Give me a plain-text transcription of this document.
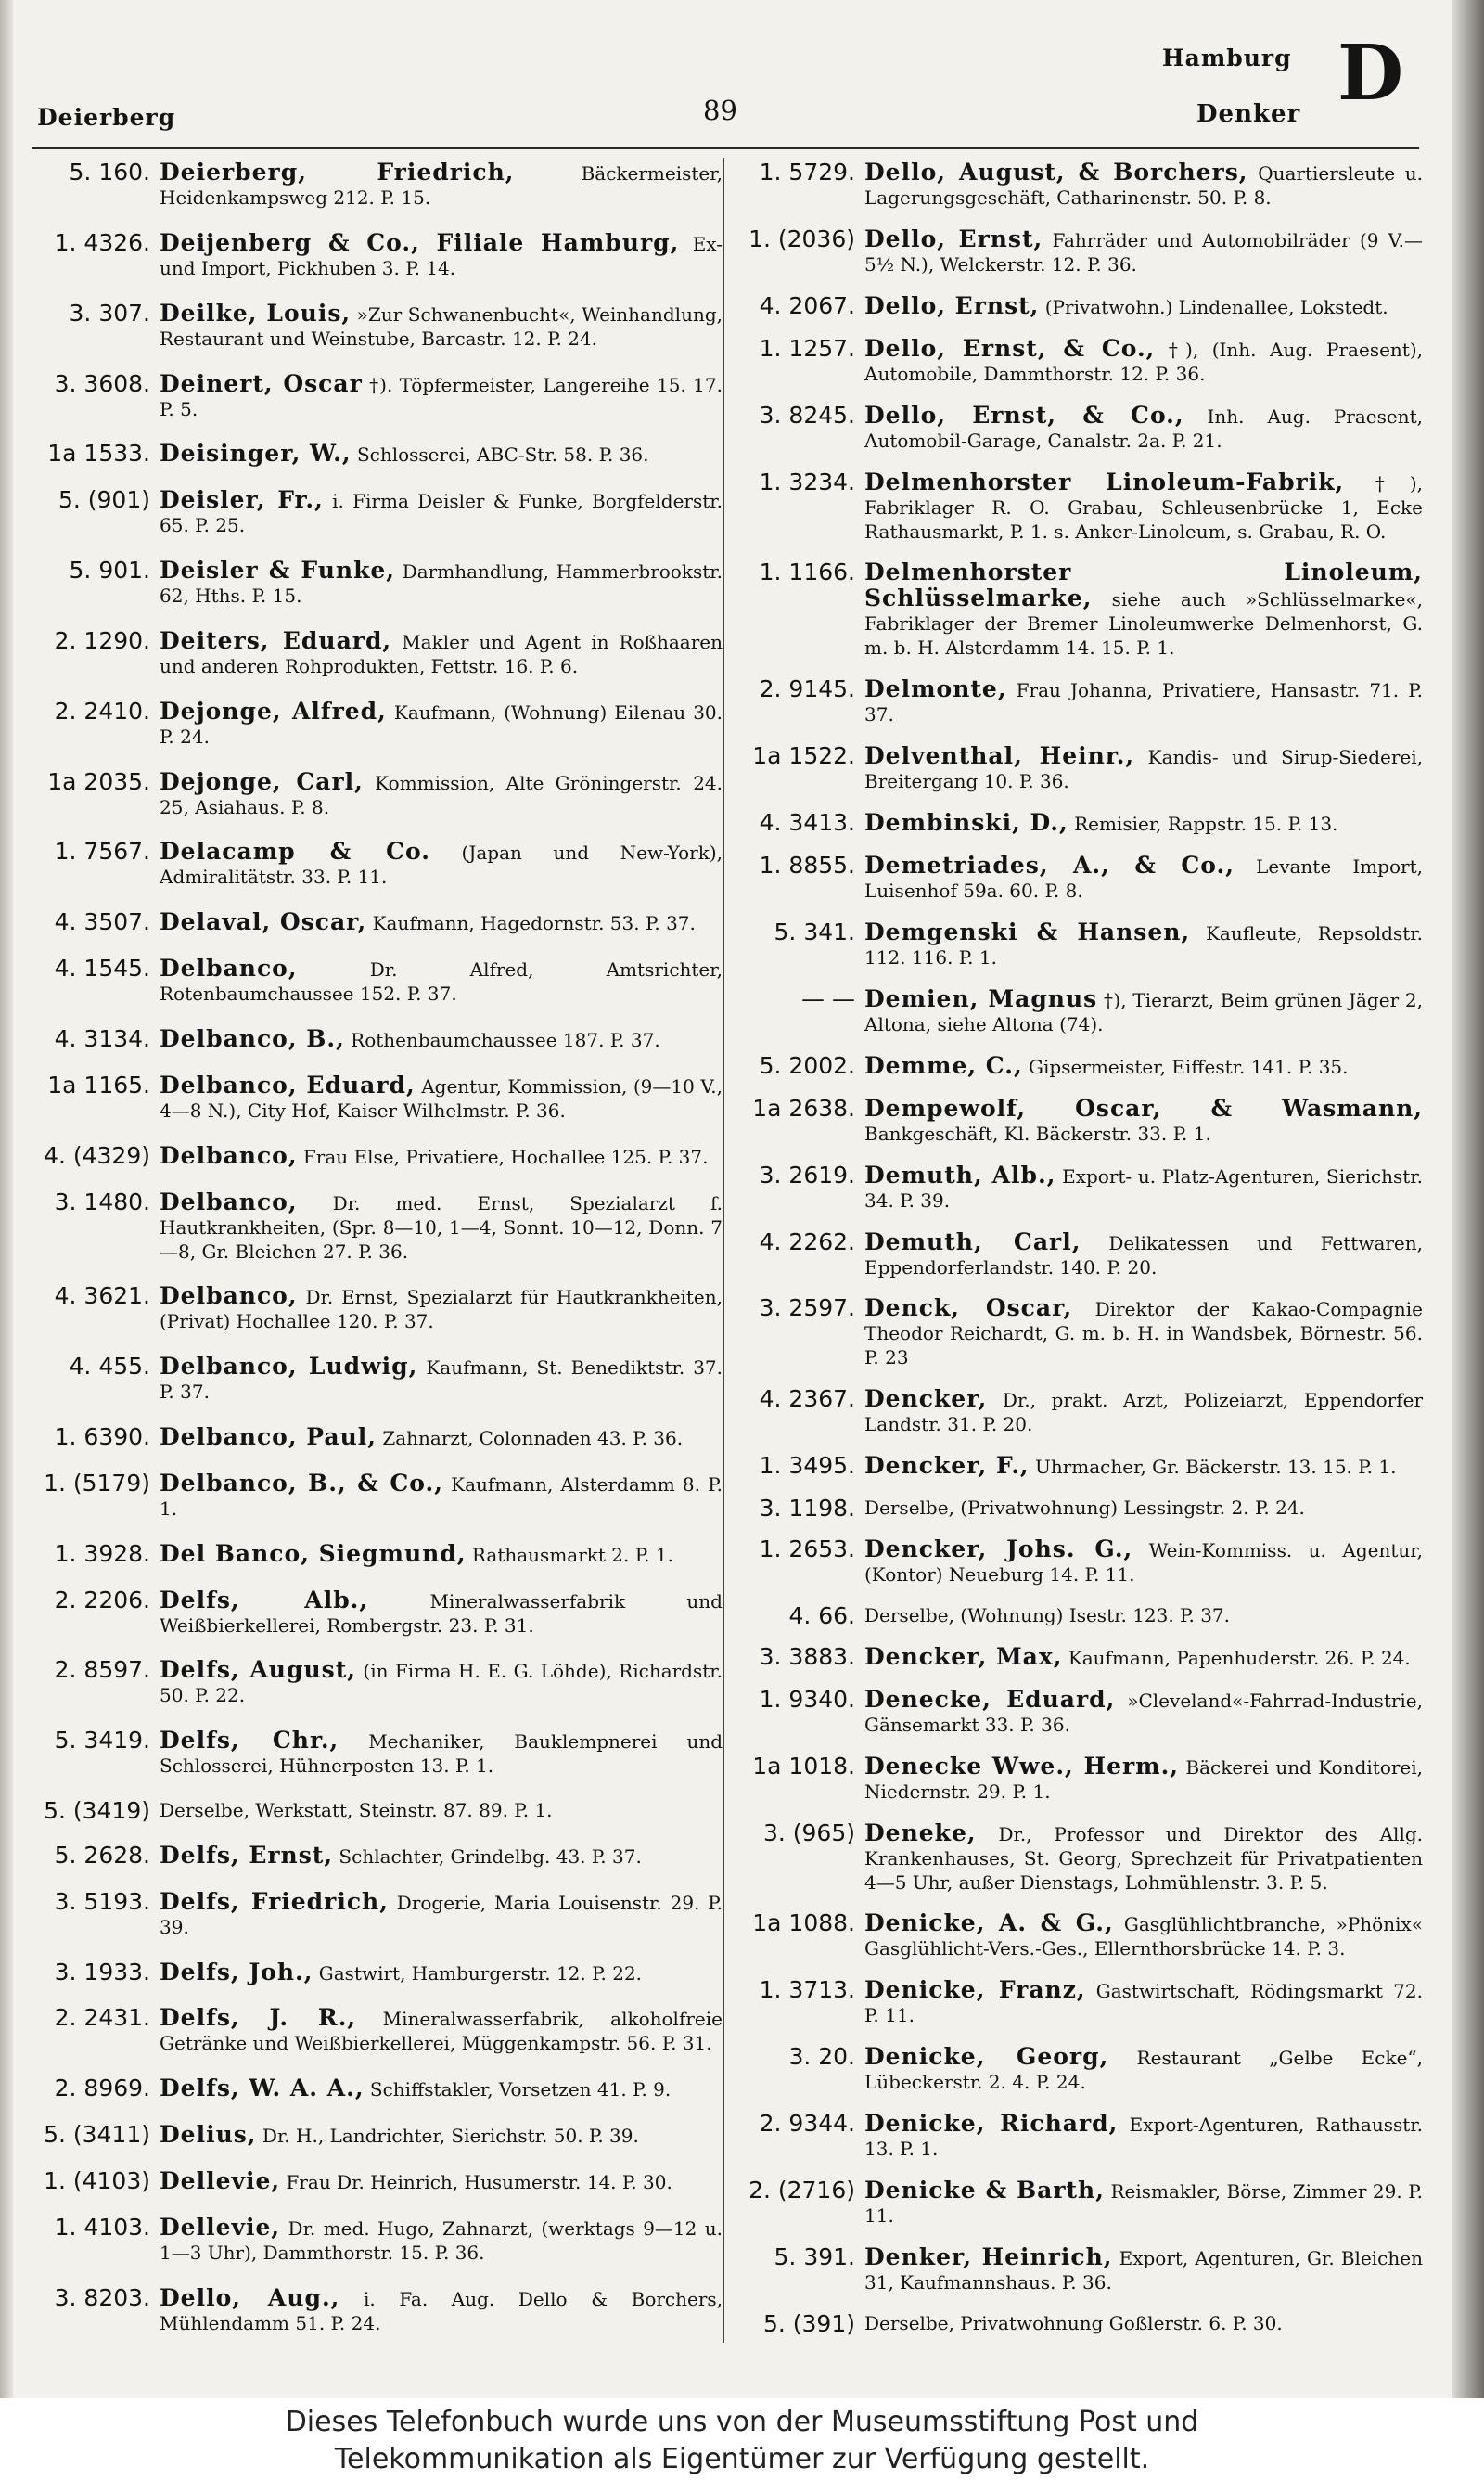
Deierberg	89
Hamburg
Denker D
5. 160. Deierberg, Friedrich,	Bäckermeister, Heidenkampsweg 212. P. 15.
1. 4326. Deijenberg & Co., Filiale Hamburg, Ex- und Import, Pickhuben 3. P. 14.
3. 307. Deilke, Louis, »Zur Schwanenbucht«, Weinhandlung, Restaurant und Weinstube, Barcastr. 12. P. 24.
3. 3608. Deinert, Oscar †). Töpfermeister, Langereihe 15. 17. P. 5.
1a 1533. Deisinger, W., Schlosserei, ABC-Str. 58. P. 36.
5. (901) Deisler, Fr., i. Firma Deisler & Funke, Borgfelderstr. 65. P. 25.
5. 901. Deisler & Funke, Darmhandlung, Hammerbrookstr. 62, Hths. P. 15.
2. 1290. Deiters, Eduard, Makler und Agent in Roßhaaren und anderen Rohprodukten, Fettstr. 16. P. 6.
2. 2410. Dejonge, Alfred, Kaufmann, (Wohnung) Eilenau 30. P. 24.
1a 2035. Dejonge, Carl, Kommission, Alte Gröningerstr. 24. 25, Asiahaus. P. 8.
1. 7567. Delacamp & Co. (Japan und New-York), Admiralitätstr. 33. P. 11.
4. 3507. Delaval, Oscar, Kaufmann, Hagedornstr. 53. P. 37.
4. 1545. Delbanco,	Dr. Alfred, Amtsrichter, Rotenbaumchaussee 152. P. 37.
4. 3134. Delbanco, B., Rothenbaumchaussee 187. P. 37.
1a 1165. Delbanco, Eduard, Agentur, Kommission, (9—10 V., 4—8 N.), City Hof, Kaiser Wilhelmstr. P. 36.
4. (4329) Delbanco, Frau Else, Privatiere, Hochallee 125. P. 37.
3. 1480. Delbanco, Dr. med. Ernst, Spezialarzt f. Hautkrankheiten, (Spr. 8—10, 1—4, Sonnt. 10—12, Donn. 7—8, Gr. Bleichen 27. P. 36.
4. 3621. Delbanco, Dr. Ernst, Spezialarzt für Hautkrankheiten, (Privat) Hochallee 120. P. 37.
4. 455. Delbanco, Ludwig, Kaufmann, St. Benediktstr. 37. P. 37.
1. 6390. Delbanco, Paul, Zahnarzt, Colonnaden 43. P. 36.
1. (5179) Delbanco, B., & Co., Kaufmann, Alsterdamm 8. P. 1.
1. 3928. Del Banco, Siegmund, Rathausmarkt 2. P. 1.
2. 2206. Delfs, Alb.,	Mineralwasserfabrik und Weißbierkellerei, Rombergstr. 23. P. 31.
2. 8597. Delfs, August, (in Firma H. E. G. Löhde), Richardstr. 50. P. 22.
5. 3419. Delfs, Chr., Mechaniker, Bauklempnerei und Schlosserei, Hühnerposten 13. P. 1.
5. (3419) Derselbe, Werkstatt, Steinstr. 87. 89. P. 1.
5. 2628. Delfs, Ernst, Schlachter, Grindelbg. 43. P. 37.
3. 5193. Delfs, Friedrich, Drogerie, Maria Louisenstr. 29. P. 39.
3. 1933. Delfs, Joh., Gastwirt, Hamburgerstr. 12. P. 22.
2. 2431. Delfs, J. R., Mineralwasserfabrik, alkoholfreie Getränke und Weißbierkellerei, Müggenkampstr. 56. P. 31.
2. 8969. Delfs, W. A. A., Schiffstakler, Vorsetzen 41. P. 9.
5. (3411) Delius, Dr. H., Landrichter, Sierichstr. 50. P. 39.
1. (4103) Dellevie, Frau Dr. Heinrich, Husumerstr. 14. P. 30.
1. 4103. Dellevie, Dr. med. Hugo, Zahnarzt, (werktags 9—12 u. 1—3 Uhr), Dammthorstr. 15. P. 36.
3. 8203. Dello, Aug., i. Fa. Aug. Dello & Borchers, Mühlendamm 51. P. 24.
1. 5729. Dello, August, & Borchers, Quartiersleute u. Lagerungsgeschäft, Catharinenstr. 50. P. 8.
1. (2036) Dello, Ernst, Fahrräder und Automobilräder (9 V.—5½ N.), Welckerstr. 12. P. 36.
4. 2067. Dello, Ernst, (Privatwohn.) Lindenallee, Lokstedt.
1. 1257. Dello, Ernst, & Co., †), (Inh. Aug. Praesent), Automobile, Dammthorstr. 12. P. 36.
3. 8245. Dello, Ernst, & Co., Inh. Aug. Praesent, Automobil-Garage, Canalstr. 2a. P. 21.
1. 3234. Delmenhorster Linoleum-Fabrik, †), Fabriklager R. O. Grabau, Schleusenbrücke 1, Ecke Rathausmarkt, P. 1. s. Anker-Linoleum, s. Grabau, R. O.
1. 1166. Delmenhorster Linoleum, Schlüsselmarke, siehe auch »Schlüsselmarke«, Fabriklager der Bremer Linoleumwerke Delmenhorst, G. m. b. H. Alsterdamm 14. 15. P. 1.
2. 9145. Delmonte, Frau Johanna, Privatiere, Hansastr. 71. P. 37.
1a 1522. Delventhal, Heinr., Kandis- und Sirup-Siederei, Breitergang 10. P. 36.
4. 3413. Dembinski, D., Remisier, Rappstr. 15. P. 13.
1. 8855. Demetriades, A., & Co., Levante Import, Luisenhof 59a. 60. P. 8.
5. 341. Demgenski & Hansen, Kaufleute, Repsoldstr. 112. 116. P. 1.
— — Demien, Magnus †), Tierarzt, Beim grünen Jäger 2, Altona, siehe Altona (74).
5. 2002. Demme, C., Gipsermeister, Eiffestr. 141. P. 35.
1a 2638. Dempewolf, Oscar, & Wasmann, Bankgeschäft, Kl. Bäckerstr. 33. P. 1.
3. 2619. Demuth, Alb., Export- u. Platz-Agenturen, Sierichstr. 34. P. 39.
4. 2262. Demuth, Carl, Delikatessen und Fettwaren, Eppendorferlandstr. 140. P. 20.
3. 2597. Denck, Oscar, Direktor der Kakao-Compagnie Theodor Reichardt, G. m. b. H. in Wandsbek, Börnestr. 56. P. 23
4. 2367. Dencker, Dr., prakt. Arzt, Polizeiarzt, Eppendorfer Landstr. 31. P. 20.
1. 3495. Dencker, F., Uhrmacher, Gr. Bäckerstr. 13. 15. P. 1.
3. 1198. Derselbe, (Privatwohnung) Lessingstr. 2. P. 24.
1. 2653. Dencker, Johs. G., Wein-Kommiss. u. Agentur, (Kontor) Neueburg 14. P. 11.
4. 66. Derselbe, (Wohnung) Isestr. 123. P. 37.
3. 3883. Dencker, Max, Kaufmann, Papenhuderstr. 26. P. 24.
1. 9340. Denecke, Eduard, »Cleveland«-Fahrrad-Industrie, Gänsemarkt 33. P. 36.
1a 1018. Denecke Wwe., Herm., Bäckerei und Konditorei, Niedernstr. 29. P. 1.
3. (965) Deneke, Dr., Professor und Direktor des Allg. Krankenhauses, St. Georg, Sprechzeit für Privatpatienten 4—5 Uhr, außer Dienstags, Lohmühlenstr. 3. P. 5.
1a 1088. Denicke, A. & G., Gasglühlichtbranche, »Phönix« Gasglühlicht-Vers.-Ges., Ellernthorsbrücke 14. P. 3.
1. 3713. Denicke, Franz, Gastwirtschaft, Rödingsmarkt 72. P. 11.
3. 20. Denicke, Georg, Restaurant „Gelbe Ecke“, Lübeckerstr. 2. 4. P. 24.
2. 9344. Denicke, Richard, Export-Agenturen, Rathausstr. 13. P. 1.
2. (2716) Denicke & Barth, Reismakler, Börse, Zimmer 29. P. 11.
5. 391. Denker, Heinrich, Export, Agenturen, Gr. Bleichen 31, Kaufmannshaus. P. 36.
5. (391) Derselbe, Privatwohnung Goßlerstr. 6. P. 30.
Dieses Telefonbuch wurde uns von der Museumsstiftung Post und
Telekommunikation als Eigentümer zur Verfügung gestellt.
